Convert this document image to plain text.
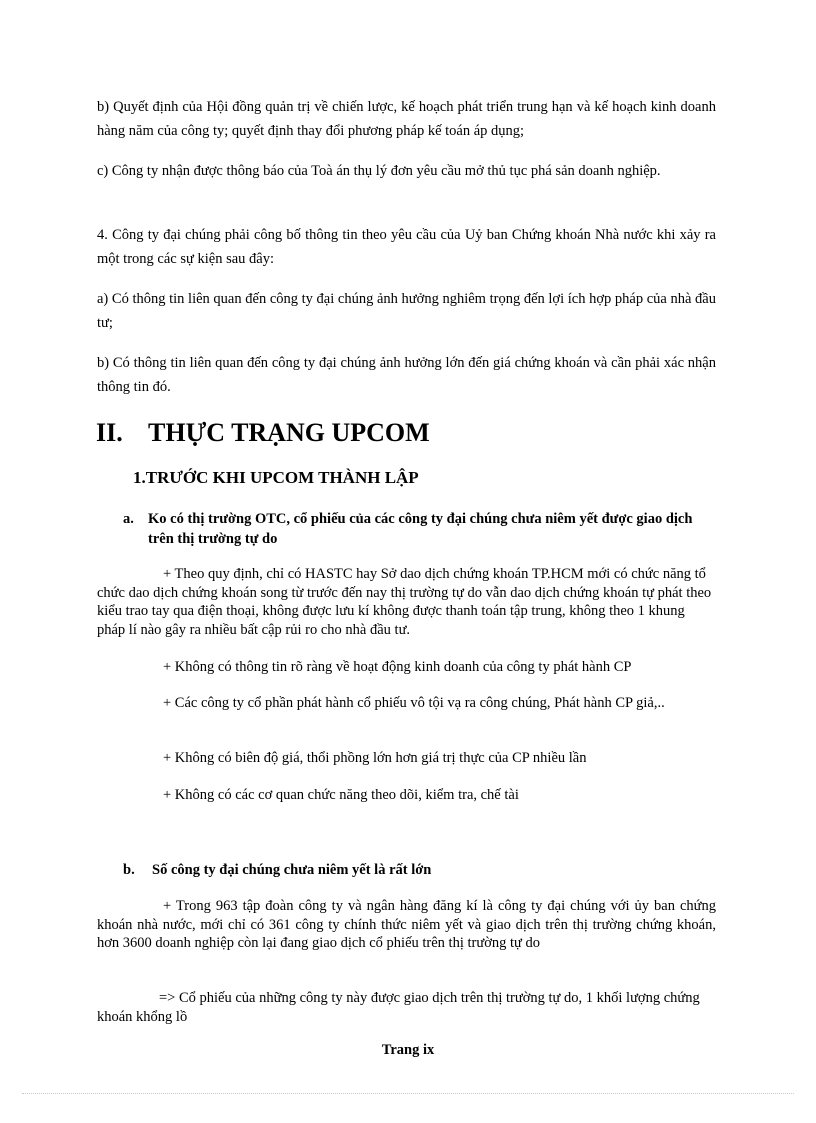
b) Quyết định của Hội đồng quản trị về chiến lược, kế hoạch phát triển trung hạn và kế hoạch kinh doanh hàng năm của công ty; quyết định thay đổi phương pháp kế toán áp dụng;

c) Công ty nhận được thông báo của Toà án thụ lý đơn yêu cầu mở thủ tục phá sản doanh nghiệp.

4. Công ty đại chúng phải công bố thông tin theo yêu cầu của Uỷ ban Chứng khoán Nhà nước khi xảy ra một trong các sự kiện sau đây:

a) Có thông tin liên quan đến công ty đại chúng ảnh hưởng nghiêm trọng đến lợi ích hợp pháp của nhà đầu tư;

b) Có thông tin liên quan đến công ty đại chúng ảnh hưởng lớn đến giá chứng khoán và cần phải xác nhận thông tin đó.

II. THỰC TRẠNG UPCOM
1.TRƯỚC KHI UPCOM THÀNH LẬP
a. Ko có thị trường OTC, cổ phiếu của các công ty đại chúng chưa niêm yết được giao dịch trên thị trường tự do

+ Theo quy định, chỉ có HASTC hay Sở dao dịch chứng khoán TP.HCM mới có chức năng tổ chức dao dịch chứng khoán song từ trước đến nay thị trường tự do vẫn dao dịch chứng khoán tự phát theo kiểu trao tay qua điện thoại, không được lưu kí không được thanh toán tập trung, không theo 1 khung pháp lí nào gây ra nhiều bất cập rủi ro cho nhà đầu tư.

+ Không có thông tin rõ ràng về hoạt động kinh doanh của công ty phát hành CP

+ Các công ty cổ phần phát hành cổ phiếu vô tội vạ ra công chúng, Phát hành CP giả,..

+ Không có biên độ giá, thổi phồng lớn hơn giá trị thực của CP nhiều lần

+ Không có các cơ quan chức năng theo dõi, kiểm tra, chế tài

b. Số công ty đại chúng chưa niêm yết là rất lớn

+ Trong 963 tập đoàn công ty và ngân hàng đăng kí là công ty đại chúng với ủy ban chứng khoán nhà nước, mới chỉ có 361 công ty chính thức niêm yết và giao dịch trên thị trường chứng khoán, hơn 3600 doanh nghiệp còn lại đang giao dịch cổ phiếu trên thị trường tự do

=> Cổ phiếu của những công ty này được giao dịch trên thị trường tự do, 1 khối lượng chứng khoán khổng lồ

Trang ix
